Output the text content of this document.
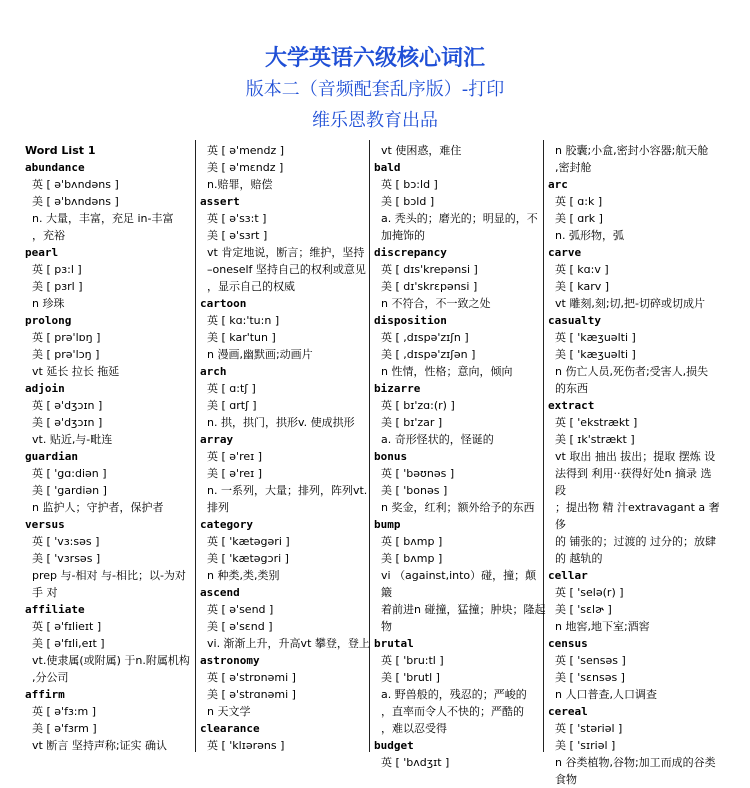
大学英语六级核心词汇
版本二（音频配套乱序版）-打印
维乐恩教育出品
Word List 1
abundance
英 [ ə'bʌndəns ]
美 [ ə'bʌndəns ]
n. 大量，丰富，充足 in-丰富
，充裕
pearl
英 [ pɜ:l ]
美 [ pɜrl ]
n 珍珠
prolong
英 [ prə'lɒŋ ]
美 [ prə'lɔŋ ]
vt 延长 拉长 拖延
adjoin
英 [ ə'dʒɔɪn ]
美 [ ə'dʒɔɪn ]
vt. 贴近,与-毗连
guardian
英 [ 'gɑ:diən ]
美 [ 'gardiən ]
n 监护人；守护者，保护者
versus
英 [ 'vɜ:səs ]
美 [ 'vɜrsəs ]
prep 与-相对 与-相比；以-为对
手 对
affiliate
英 [ ə'fɪlieɪt ]
美 [ ə'fɪli,eɪt ]
vt.使隶属(或附属) 于n.附属机构
,分公司
affirm
英 [ ə'fɜ:m ]
美 [ ə'fɜrm ]
vt 断言 坚持声称;证实 确认
英 [ ə'mendz ]
美 [ ə'mɛndz ]
n.赔罪，赔偿
assert
英 [ ə'sɜ:t ]
美 [ ə'sɜrt ]
vt 肯定地说，断言；维护，坚持
–oneself 坚持自己的权利或意见
，显示自己的权威
cartoon
英 [ kɑ:'tu:n ]
美 [ kar'tun ]
n 漫画,幽默画;动画片
arch
英 [ ɑ:tʃ ]
美 [ ɑrtʃ ]
n. 拱，拱门，拱形v. 使成拱形
array
英 [ ə'reɪ ]
美 [ ə'reɪ ]
n. 一系列，大量；排列，阵列vt.
排列
category
英 [ 'kætəgəri ]
美 [ 'kætəgɔri ]
n 种类,类,类别
ascend
英 [ ə'send ]
美 [ ə'sɛnd ]
vi. 渐渐上升，升高vt 攀登，登上
astronomy
英 [ ə'strɒnəmi ]
美 [ ə'strɑnəmi ]
n 天文学
clearance
英 [ 'klɪərəns ]
vt 使困惑，难住
bald
英 [ bɔ:ld ]
美 [ bɔld ]
a. 秃头的；磨光的；明显的，不
加掩饰的
discrepancy
英 [ dɪs'krepənsi ]
美 [ dɪ'skrɛpənsi ]
n 不符合，不一致之处
disposition
英 [ ,dɪspə'zɪʃn ]
美 [ ,dɪspə'zɪʃən ]
n 性情，性格；意向，倾向
bizarre
英 [ bɪ'zɑ:(r) ]
美 [ bɪ'zar ]
a. 奇形怪状的，怪诞的
bonus
英 [ 'bəʊnəs ]
美 [ 'bonəs ]
n 奖金，红利；额外给予的东西
bump
英 [ bʌmp ]
美 [ bʌmp ]
vi （against,into）碰，撞；颠簸
着前进n 碰撞，猛撞；肿块；隆起
物
brutal
英 [ 'bru:tl ]
美 [ 'brutl ]
a. 野兽般的，残忍的；严峻的
，直率而令人不快的；严酷的
，难以忍受得
budget
英 [ 'bʌdʒɪt ]
n 胶囊;小盒,密封小容器;航天舱
,密封舱
arc
英 [ ɑ:k ]
美 [ ɑrk ]
n. 弧形物，弧
carve
英 [ kɑ:v ]
美 [ karv ]
vt 雕刻,刻;切,把-切碎或切成片
casualty
英 [ 'kæʒuəlti ]
美 [ 'kæʒuəlti ]
n 伤亡人员,死伤者;受害人,损失
的东西
extract
英 [ 'ekstrækt ]
美 [ ɪk'strækt ]
vt 取出 抽出 拔出；提取 摆炼 设
法得到 利用··获得好处n 摘录 选段
；提出物 精 汁extravagant a 奢侈
的 铺张的；过渡的 过分的；放肆
的 越轨的
cellar
英 [ 'selə(r) ]
美 [ 'sɛlɚ ]
n 地窖,地下室;酒窖
census
英 [ 'sensəs ]
美 [ 'sɛnsəs ]
n 人口普查,人口调查
cereal
英 [ 'stəriəl ]
美 [ 'sɪriəl ]
n 谷类植物,谷物;加工而成的谷类
食物
